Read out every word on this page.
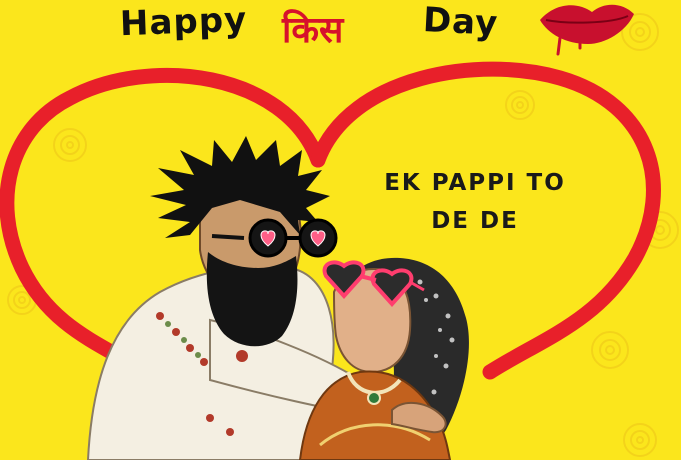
Happy किस Day
EK PAPPI TO
DE DE
